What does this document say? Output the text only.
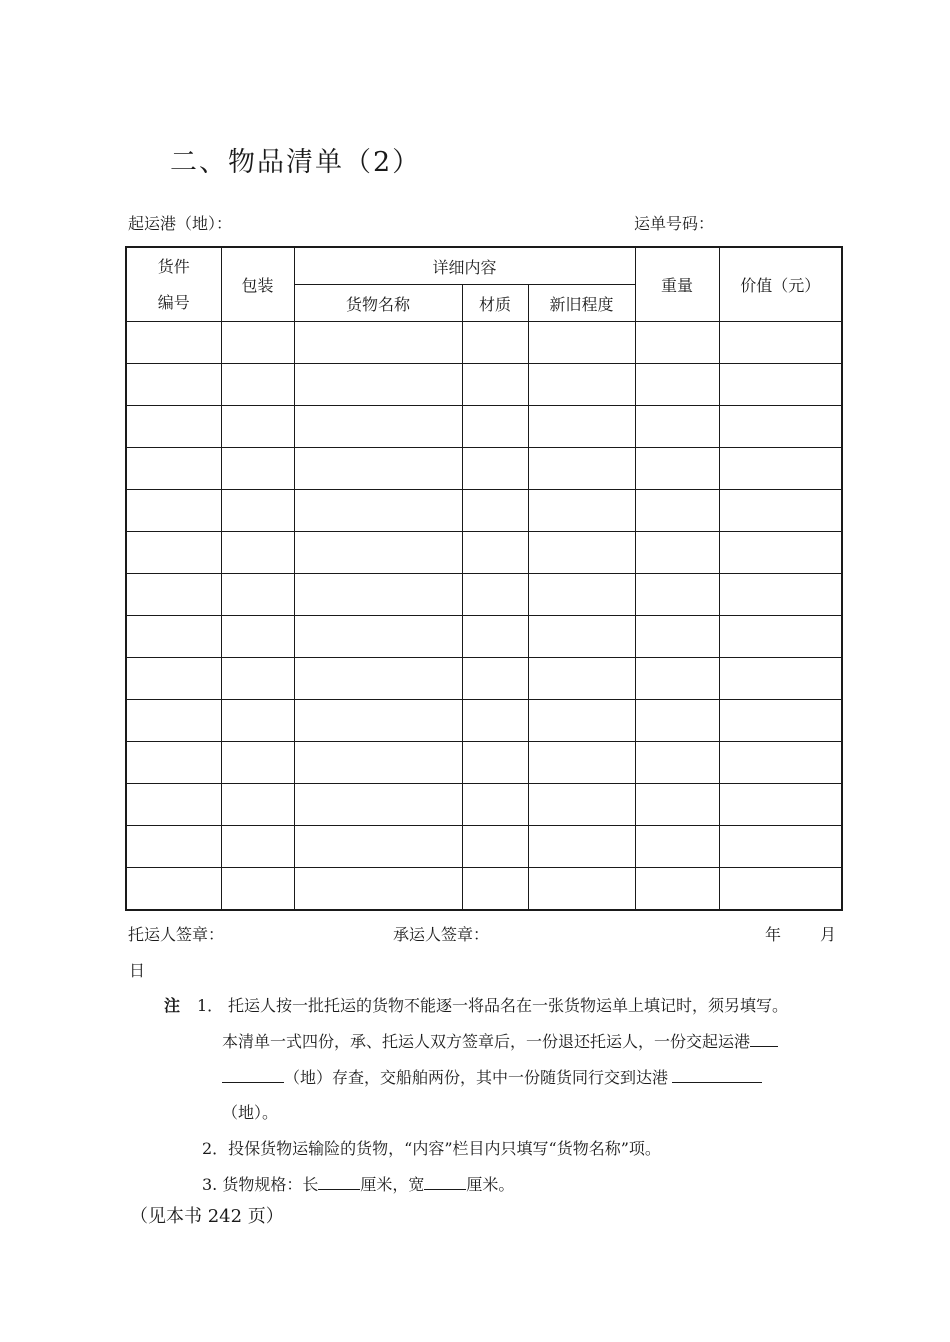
二、物品清单（2）
起运港（地）：	运单号码：
货件
编号	包装	详细内容			重量	价值（元）
		货物名称	材质	新旧程度		

托运人签章：	承运人签章：	年 月
日
注 1． 托运人按一批托运的货物不能逐一将品名在一张货物运单上填记时，须另填写。
本清单一式四份，承、托运人双方签章后，一份退还托运人，一份交起运港
（地）存查，交船舶两份，其中一份随货同行交到达港
（地）。
2．投保货物运输险的货物，“内容”栏目内只填写“货物名称”项。
3. 货物规格：长	厘米，宽	厘米。
（见本书 242 页）
